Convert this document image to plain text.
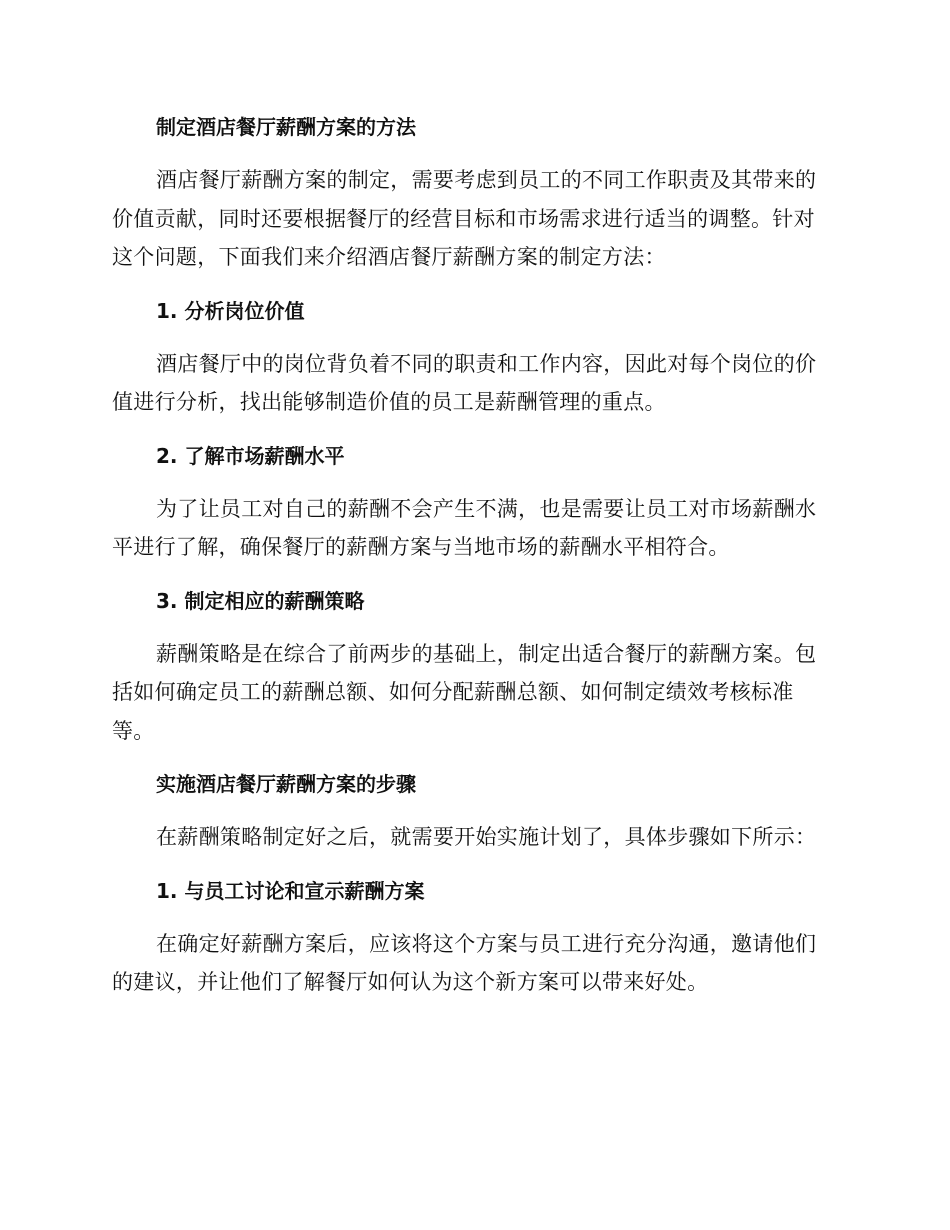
制定酒店餐厅薪酬方案的方法

酒店餐厅薪酬方案的制定，需要考虑到员工的不同工作职责及其带来的价值贡献，同时还要根据餐厅的经营目标和市场需求进行适当的调整。针对这个问题，下面我们来介绍酒店餐厅薪酬方案的制定方法：

1. 分析岗位价值

酒店餐厅中的岗位背负着不同的职责和工作内容，因此对每个岗位的价值进行分析，找出能够制造价值的员工是薪酬管理的重点。

2. 了解市场薪酬水平

为了让员工对自己的薪酬不会产生不满，也是需要让员工对市场薪酬水平进行了解，确保餐厅的薪酬方案与当地市场的薪酬水平相符合。

3. 制定相应的薪酬策略

薪酬策略是在综合了前两步的基础上，制定出适合餐厅的薪酬方案。包括如何确定员工的薪酬总额、如何分配薪酬总额、如何制定绩效考核标准等。

实施酒店餐厅薪酬方案的步骤

在薪酬策略制定好之后，就需要开始实施计划了，具体步骤如下所示：

1. 与员工讨论和宣示薪酬方案

在确定好薪酬方案后，应该将这个方案与员工进行充分沟通，邀请他们的建议，并让他们了解餐厅如何认为这个新方案可以带来好处。
